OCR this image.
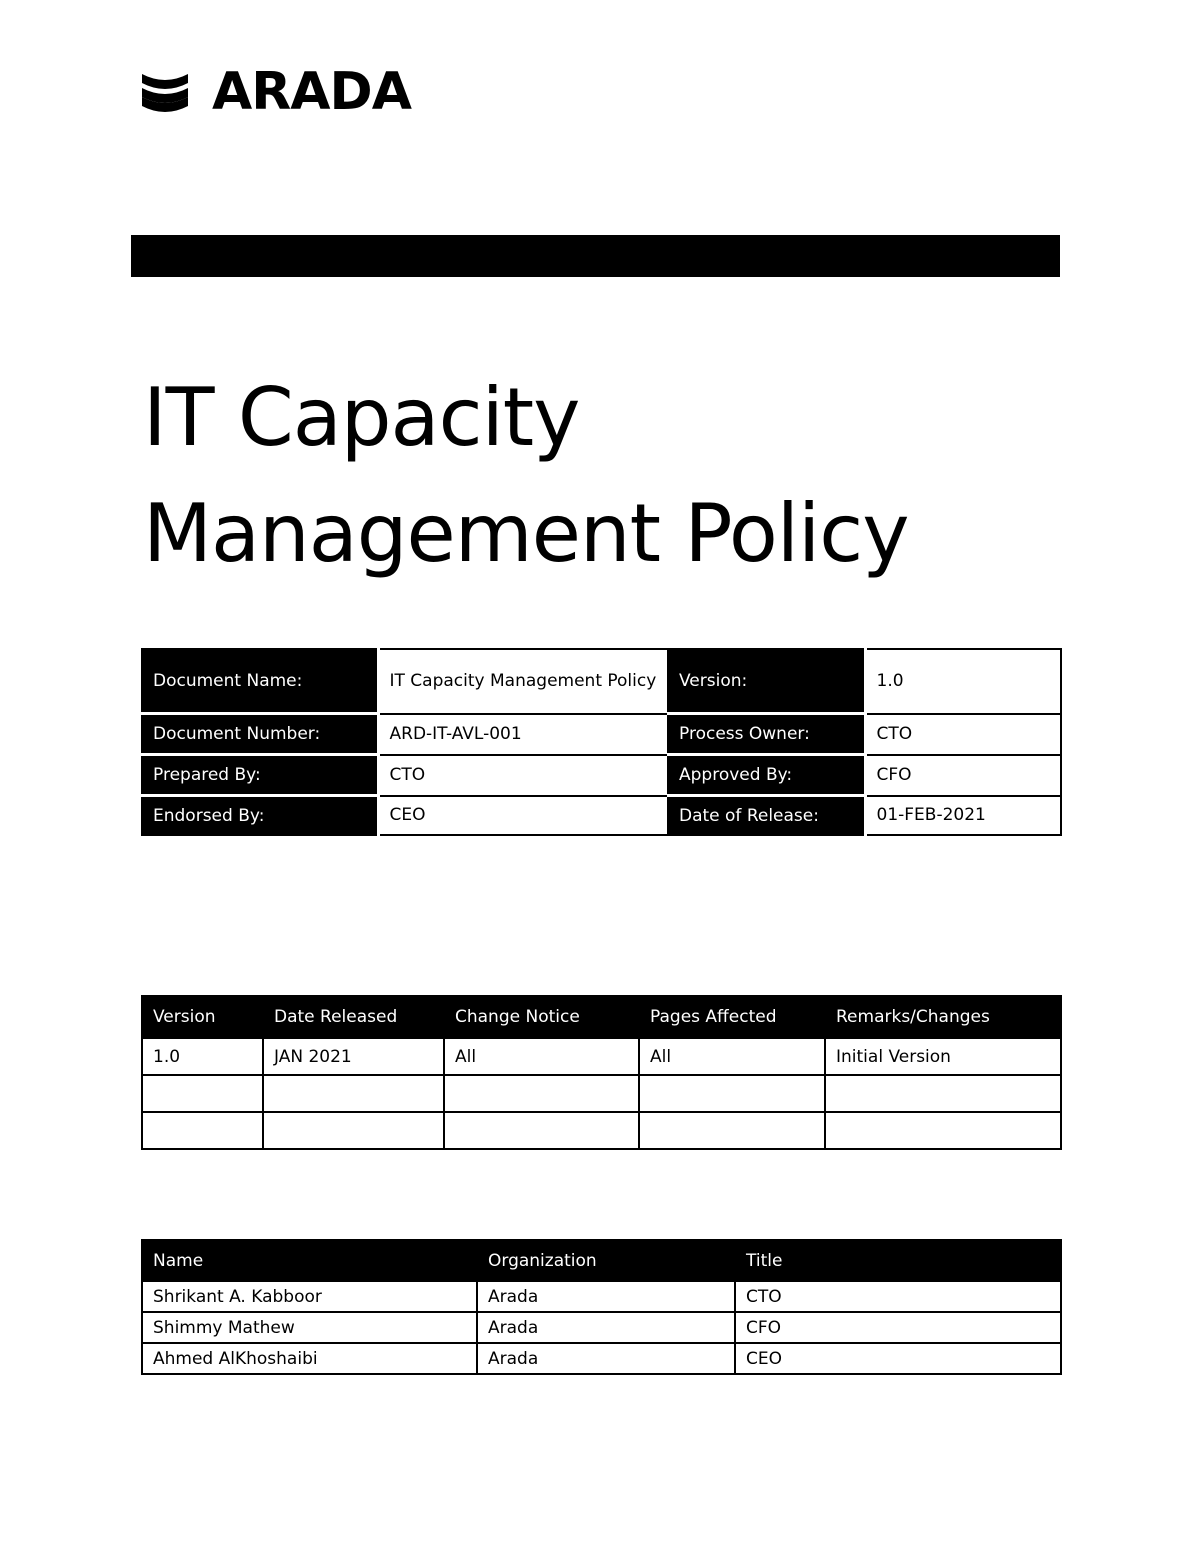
ARADA
IT Capacity
Management Policy
Document Name:	IT Capacity Management Policy	Version:	1.0
Document Number:	ARD-IT-AVL-001	Process Owner:	CTO
Prepared By:	CTO	Approved By:	CFO
Endorsed By:	CEO	Date of Release:	01-FEB-2021
Version	Date Released	Change Notice	Pages Affected	Remarks/Changes
1.0	JAN 2021	All	All	Initial Version

Name	Organization	Title
Shrikant A. Kabboor	Arada	CTO
Shimmy Mathew	Arada	CFO
Ahmed AlKhoshaibi	Arada	CEO
